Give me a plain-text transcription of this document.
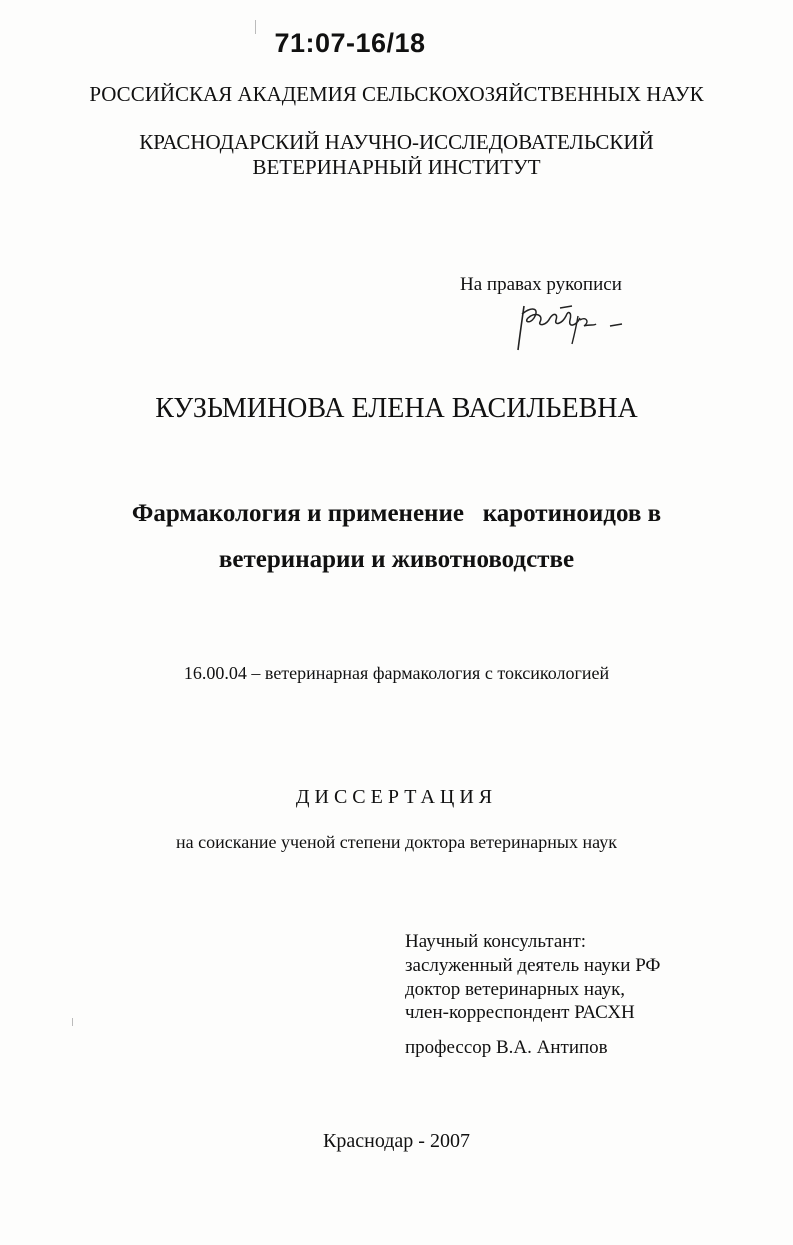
71:07-16/18
РОССИЙСКАЯ АКАДЕМИЯ СЕЛЬСКОХОЗЯЙСТВЕННЫХ НАУК
КРАСНОДАРСКИЙ НАУЧНО-ИССЛЕДОВАТЕЛЬСКИЙ
ВЕТЕРИНАРНЫЙ ИНСТИТУТ
На правах рукописи
КУЗЬМИНОВА ЕЛЕНА ВАСИЛЬЕВНА
Фармакология и применение   каротиноидов в
ветеринарии и животноводстве
16.00.04 – ветеринарная фармакология с токсикологией
ДИССЕРТАЦИЯ
на соискание ученой степени доктора ветеринарных наук
Научный консультант:
заслуженный деятель науки РФ
доктор ветеринарных наук,
член-корреспондент РАСХН
профессор В.А. Антипов
Краснодар - 2007
